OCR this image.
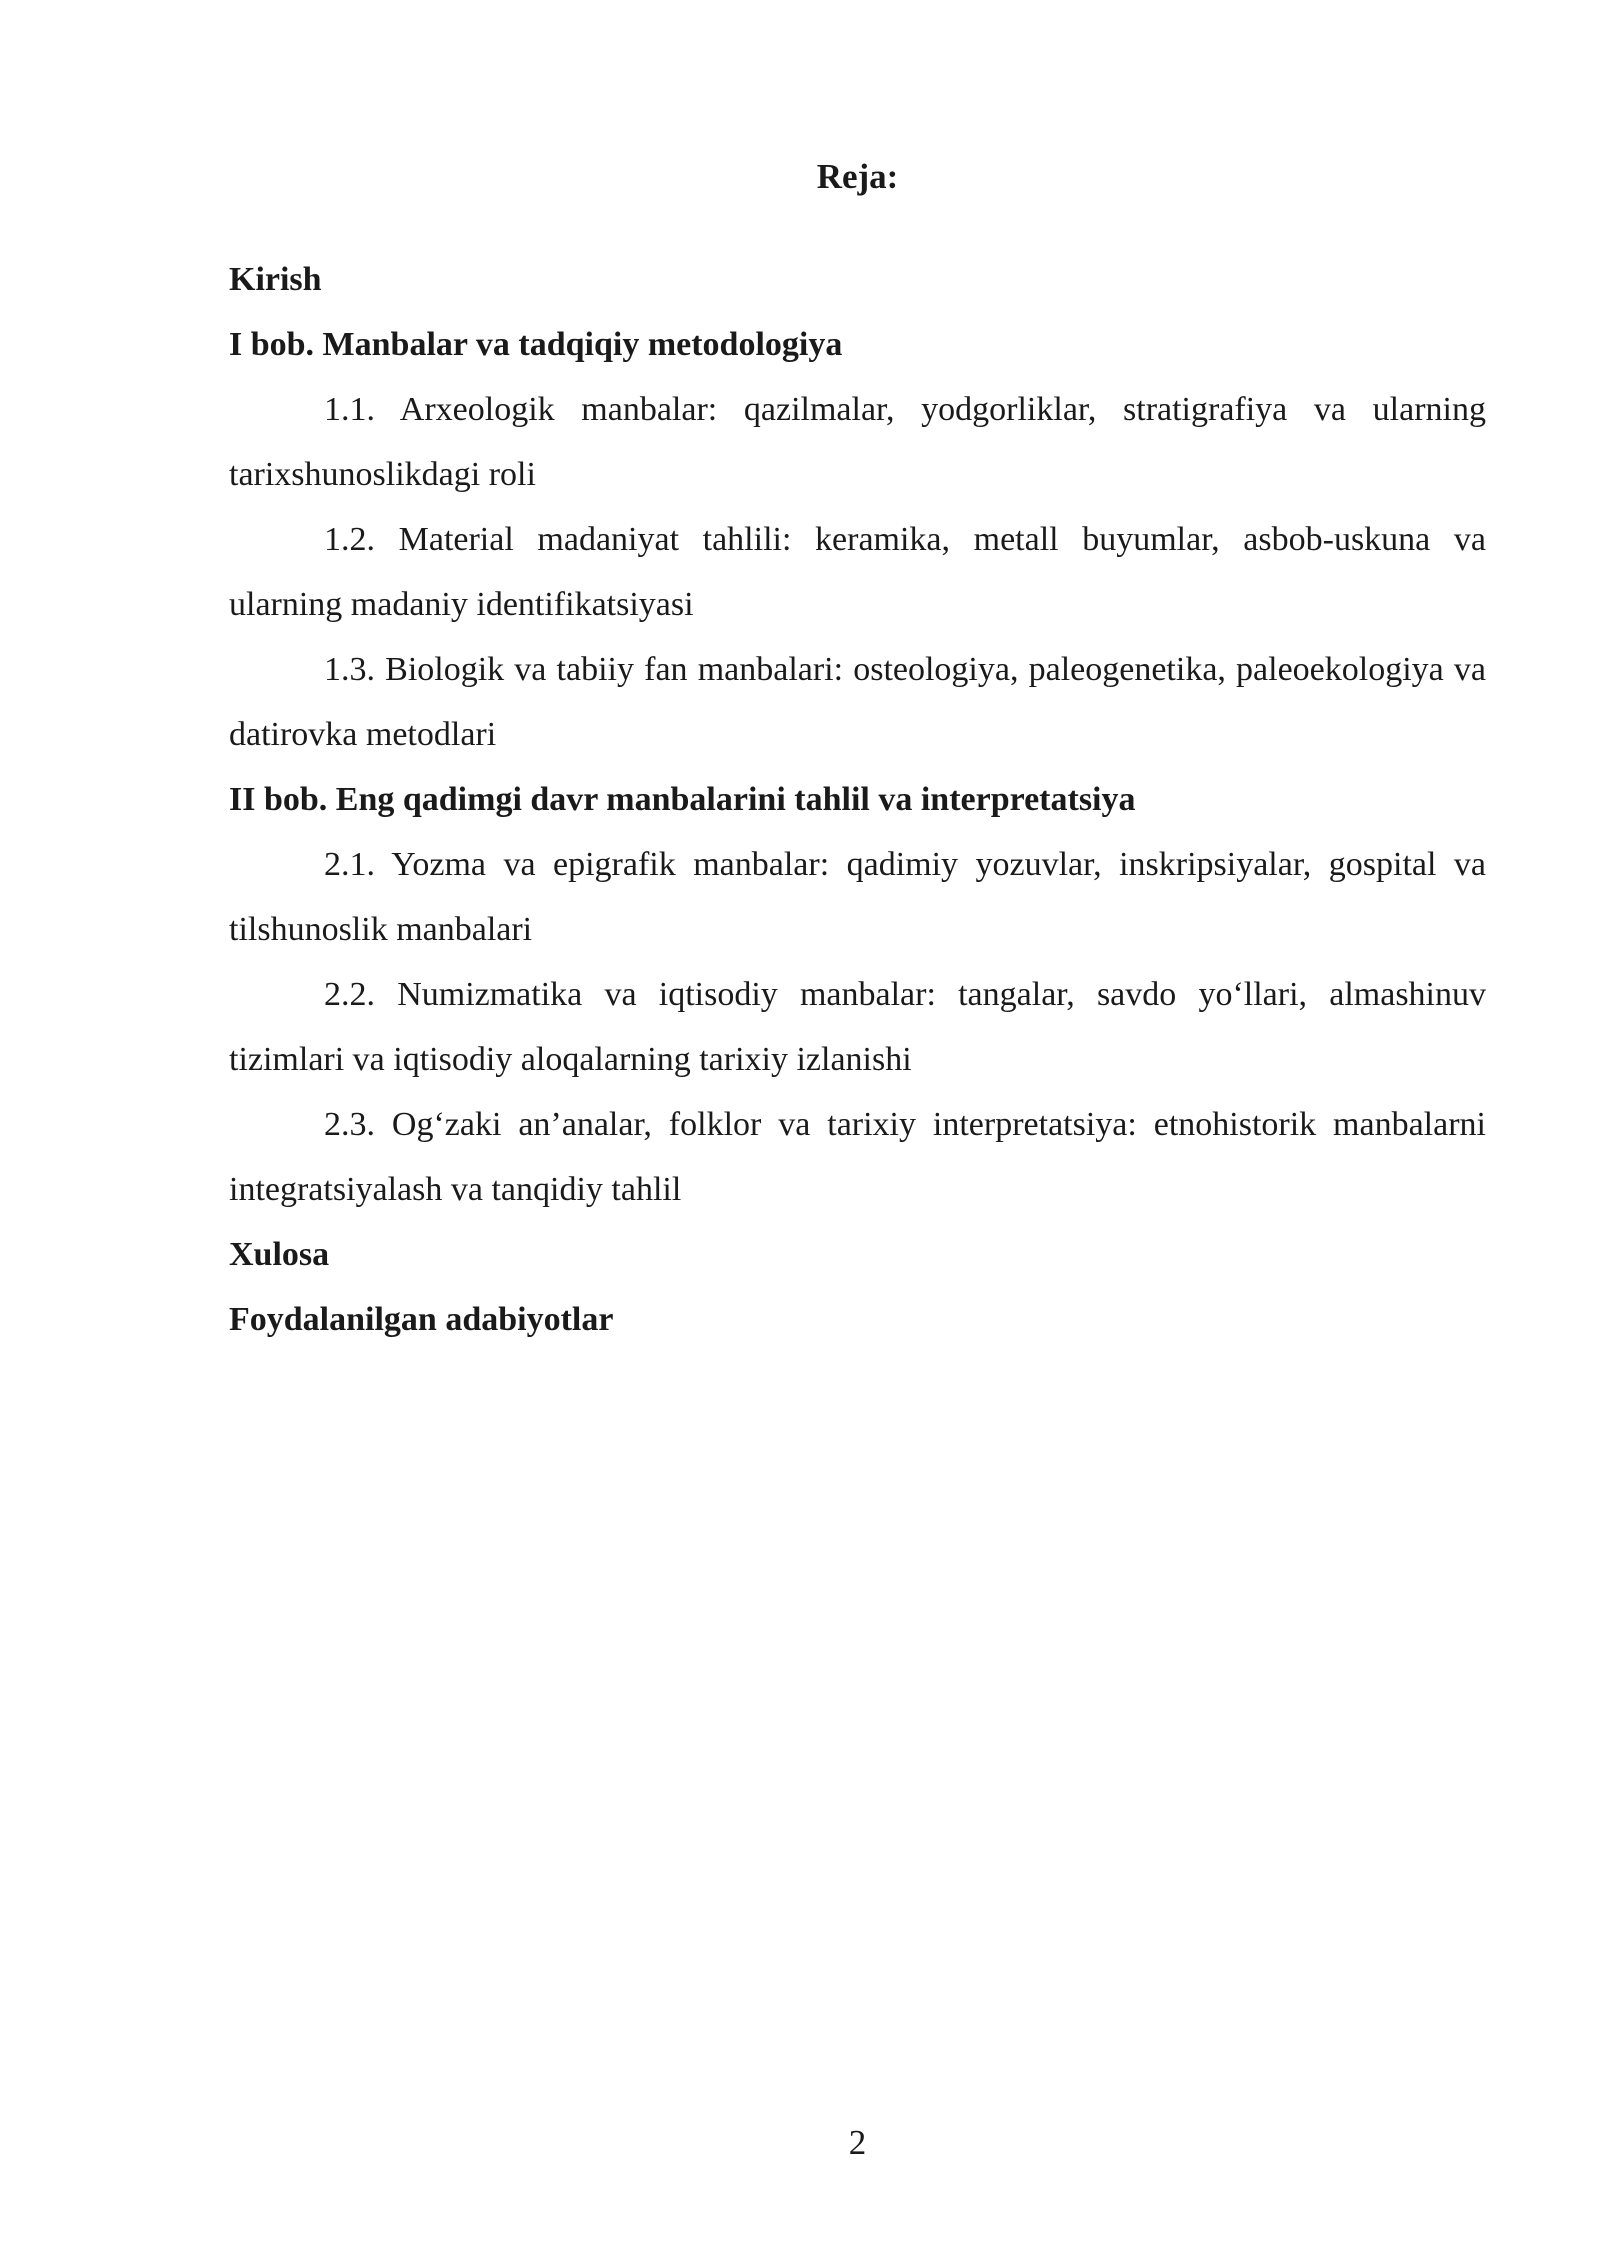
Reja:

Kirish

I bob. Manbalar va tadqiqiy metodologiya

1.1. Arxeologik manbalar: qazilmalar, yodgorliklar, stratigrafiya va ularning tarixshunoslikdagi roli

1.2. Material madaniyat tahlili: keramika, metall buyumlar, asbob-uskuna va ularning madaniy identifikatsiyasi

1.3. Biologik va tabiiy fan manbalari: osteologiya, paleogenetika, paleoekologiya va datirovka metodlari

II bob. Eng qadimgi davr manbalarini tahlil va interpretatsiya

2.1. Yozma va epigrafik manbalar: qadimiy yozuvlar, inskripsiyalar, gospital va tilshunoslik manbalari

2.2. Numizmatika va iqtisodiy manbalar: tangalar, savdo yo‘llari, almashinuv tizimlari va iqtisodiy aloqalarning tarixiy izlanishi

2.3. Og‘zaki an’analar, folklor va tarixiy interpretatsiya: etnohistorik manbalarni integratsiyalash va tanqidiy tahlil

Xulosa

Foydalanilgan adabiyotlar

2
